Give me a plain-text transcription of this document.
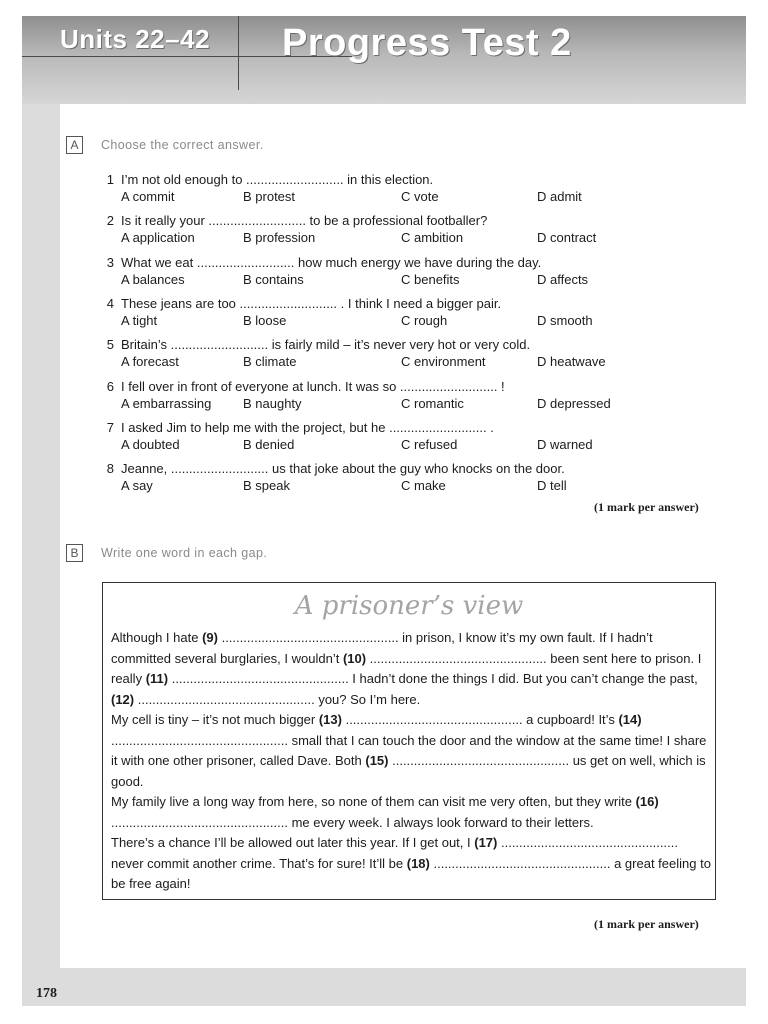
Units 22–42 Progress Test 2
A	Choose the correct answer.
1 I’m not old enough to ........................... in this election.
A commit	B protest	C vote	D admit
2 Is it really your ........................... to be a professional footballer?
A application	B profession	C ambition	D contract
3 What we eat ........................... how much energy we have during the day.
A balances	B contains	C benefits	D affects
4 These jeans are too ........................... . I think I need a bigger pair.
A tight	B loose	C rough	D smooth
5 Britain’s ........................... is fairly mild – it’s never very hot or very cold.
A forecast	B climate	C environment	D heatwave
6 I fell over in front of everyone at lunch. It was so ........................... !
A embarrassing B naughty	C romantic	D depressed
7 I asked Jim to help me with the project, but he ........................... .
A doubted	B denied	C refused	D warned
8 Jeanne, ........................... us that joke about the guy who knocks on the door.
A say	B speak	C make	D tell
(1 mark per answer)
B	Write one word in each gap.
A prisoner’s view
Although I hate (9) ................................................. in prison, I know it’s my own fault. If I hadn’t committed several burglaries, I wouldn’t (10) ................................................. been sent here to prison. I really (11) ................................................. I hadn’t done the things I did. But you can’t change the past, (12) ................................................. you? So I’m here.
My cell is tiny – it’s not much bigger (13) ................................................. a cupboard! It’s (14) ................................................. small that I can touch the door and the window at the same time! I share it with one other prisoner, called Dave. Both (15) ................................................. us get on well, which is good.
My family live a long way from here, so none of them can visit me very often, but they write (16) ................................................. me every week. I always look forward to their letters.
There’s a chance I’ll be allowed out later this year. If I get out, I (17) ................................................. never commit another crime. That’s for sure! It’ll be (18) ................................................. a great feeling to be free again!
(1 mark per answer)
178
